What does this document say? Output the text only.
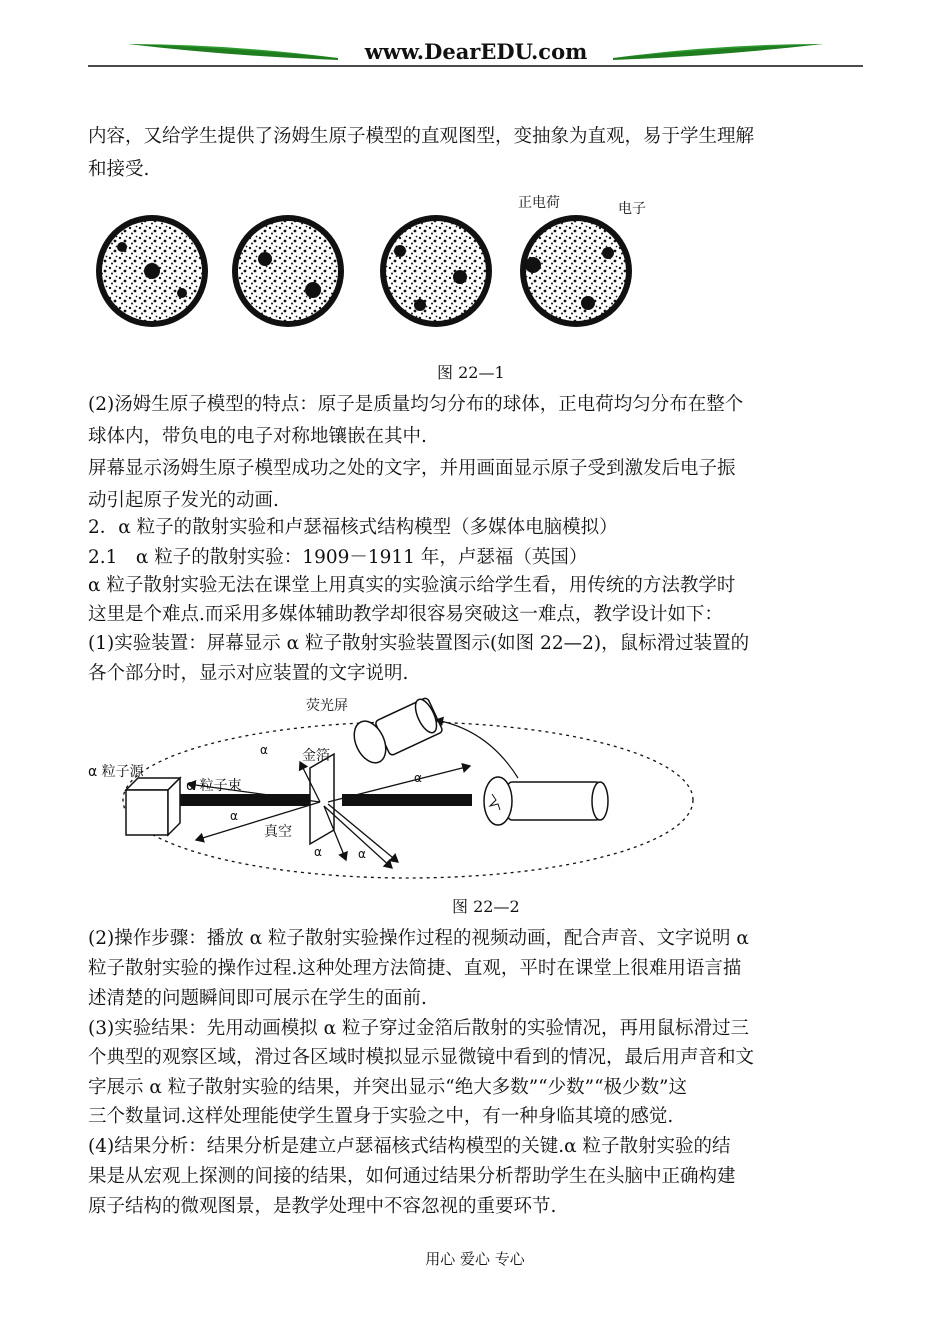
www.DearEDU.com
内容，又给学生提供了汤姆生原子模型的直观图型，变抽象为直观，易于学生理解
和接受.
正电荷	电子
图 22—1
(2)汤姆生原子模型的特点：原子是质量均匀分布的球体，正电荷均匀分布在整个
球体内，带负电的电子对称地镶嵌在其中.
屏幕显示汤姆生原子模型成功之处的文字，并用画面显示原子受到激发后电子振
动引起原子发光的动画.
2．α 粒子的散射实验和卢瑟福核式结构模型（多媒体电脑模拟）
2.1　α 粒子的散射实验：1909－1911 年，卢瑟福（英国）
α 粒子散射实验无法在课堂上用真实的实验演示给学生看，用传统的方法教学时
这里是个难点.而采用多媒体辅助教学却很容易突破这一难点，教学设计如下：
(1)实验装置：屏幕显示 α 粒子散射实验装置图示(如图 22—2)，鼠标滑过装置的
各个部分时，显示对应装置的文字说明.
荧光屏
α 粒子源
α 粒子束
金箔
真空
α
α
α	α
α
图 22—2
(2)操作步骤：播放 α 粒子散射实验操作过程的视频动画，配合声音、文字说明 α
粒子散射实验的操作过程.这种处理方法简捷、直观，平时在课堂上很难用语言描
述清楚的问题瞬间即可展示在学生的面前.
(3)实验结果：先用动画模拟 α 粒子穿过金箔后散射的实验情况，再用鼠标滑过三
个典型的观察区域，滑过各区域时模拟显示显微镜中看到的情况，最后用声音和文
字展示 α 粒子散射实验的结果，并突出显示“绝大多数”“少数”“极少数”这
三个数量词.这样处理能使学生置身于实验之中，有一种身临其境的感觉.
(4)结果分析：结果分析是建立卢瑟福核式结构模型的关键.α 粒子散射实验的结
果是从宏观上探测的间接的结果，如何通过结果分析帮助学生在头脑中正确构建
原子结构的微观图景，是教学处理中不容忽视的重要环节.
用心 爱心 专心
